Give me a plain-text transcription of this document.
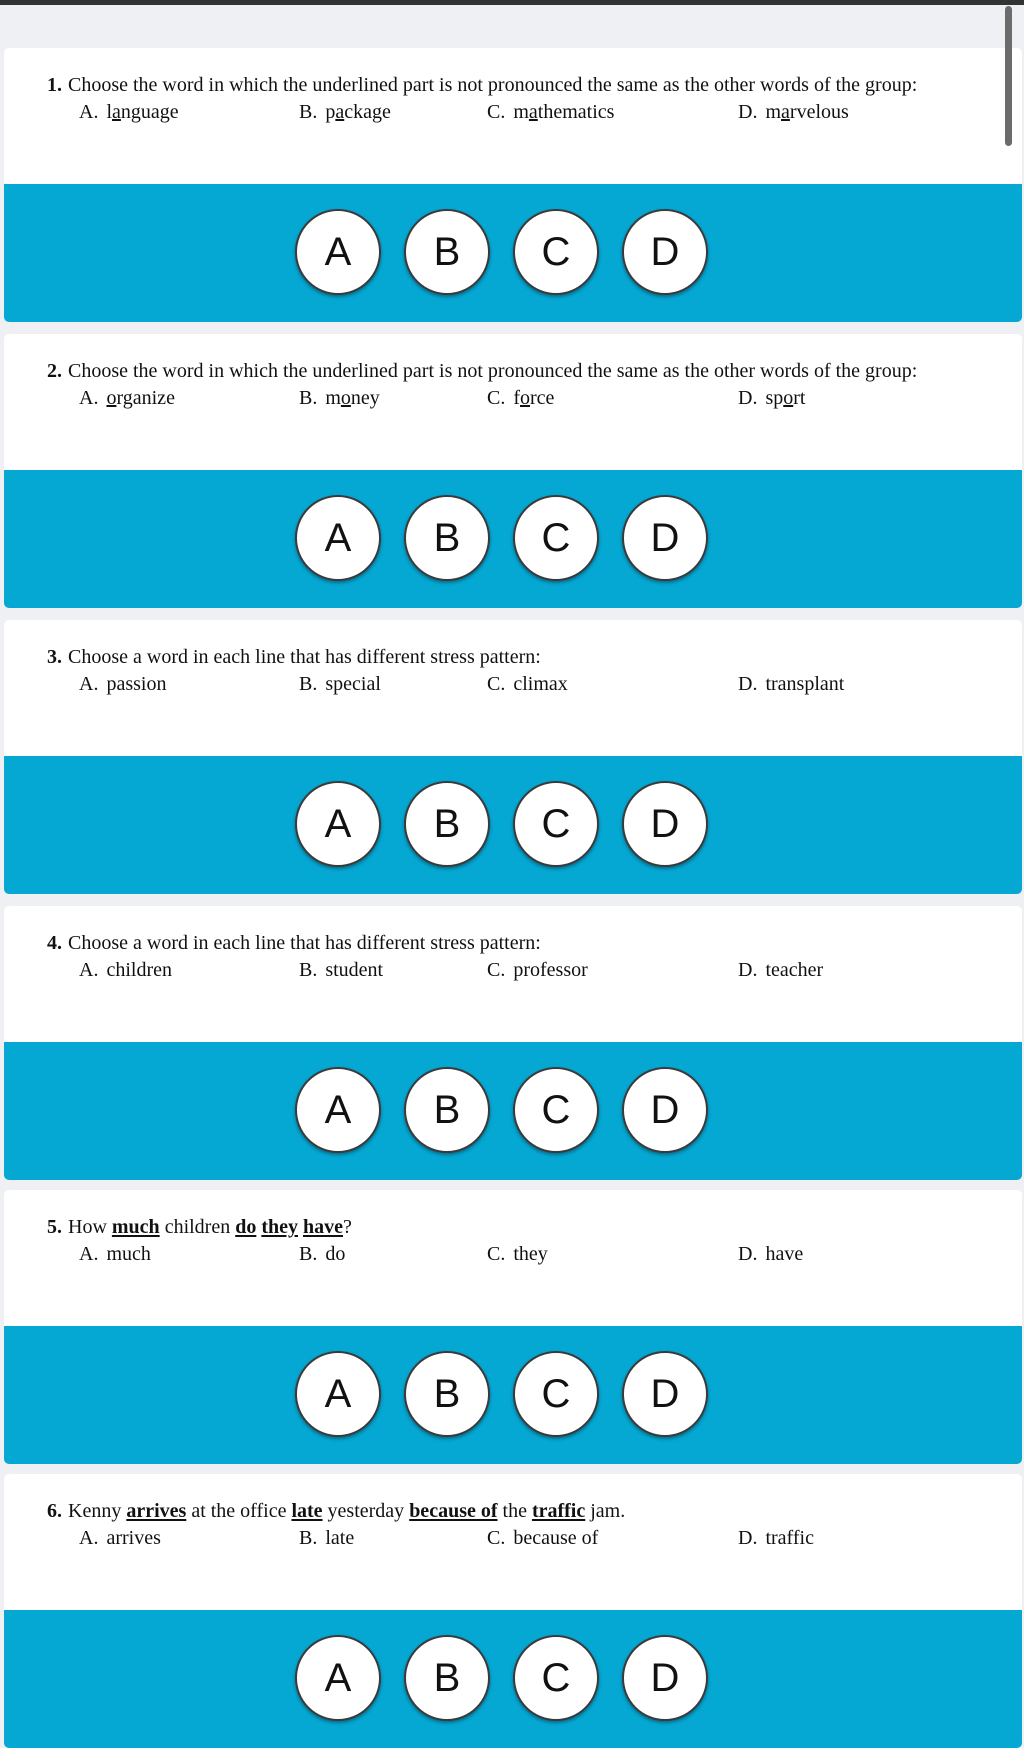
1. Choose the word in which the underlined part is not pronounced the same as the other words of the group:
A. language	B. package	C. mathematics	D. marvelous
A	B	C	D
2. Choose the word in which the underlined part is not pronounced the same as the other words of the group:
A. organize	B. money	C. force	D. sport
A	B	C	D
3. Choose a word in each line that has different stress pattern:
A. passion	B. special	C. climax	D. transplant
A	B	C	D
4. Choose a word in each line that has different stress pattern:
A. children	B. student	C. professor	D. teacher
A	B	C	D
5. How much children do they have?
A. much	B. do	C. they	D. have
A	B	C	D
6. Kenny arrives at the office late yesterday because of the traffic jam.
A. arrives	B. late	C. because of	D. traffic
A	B	C	D
